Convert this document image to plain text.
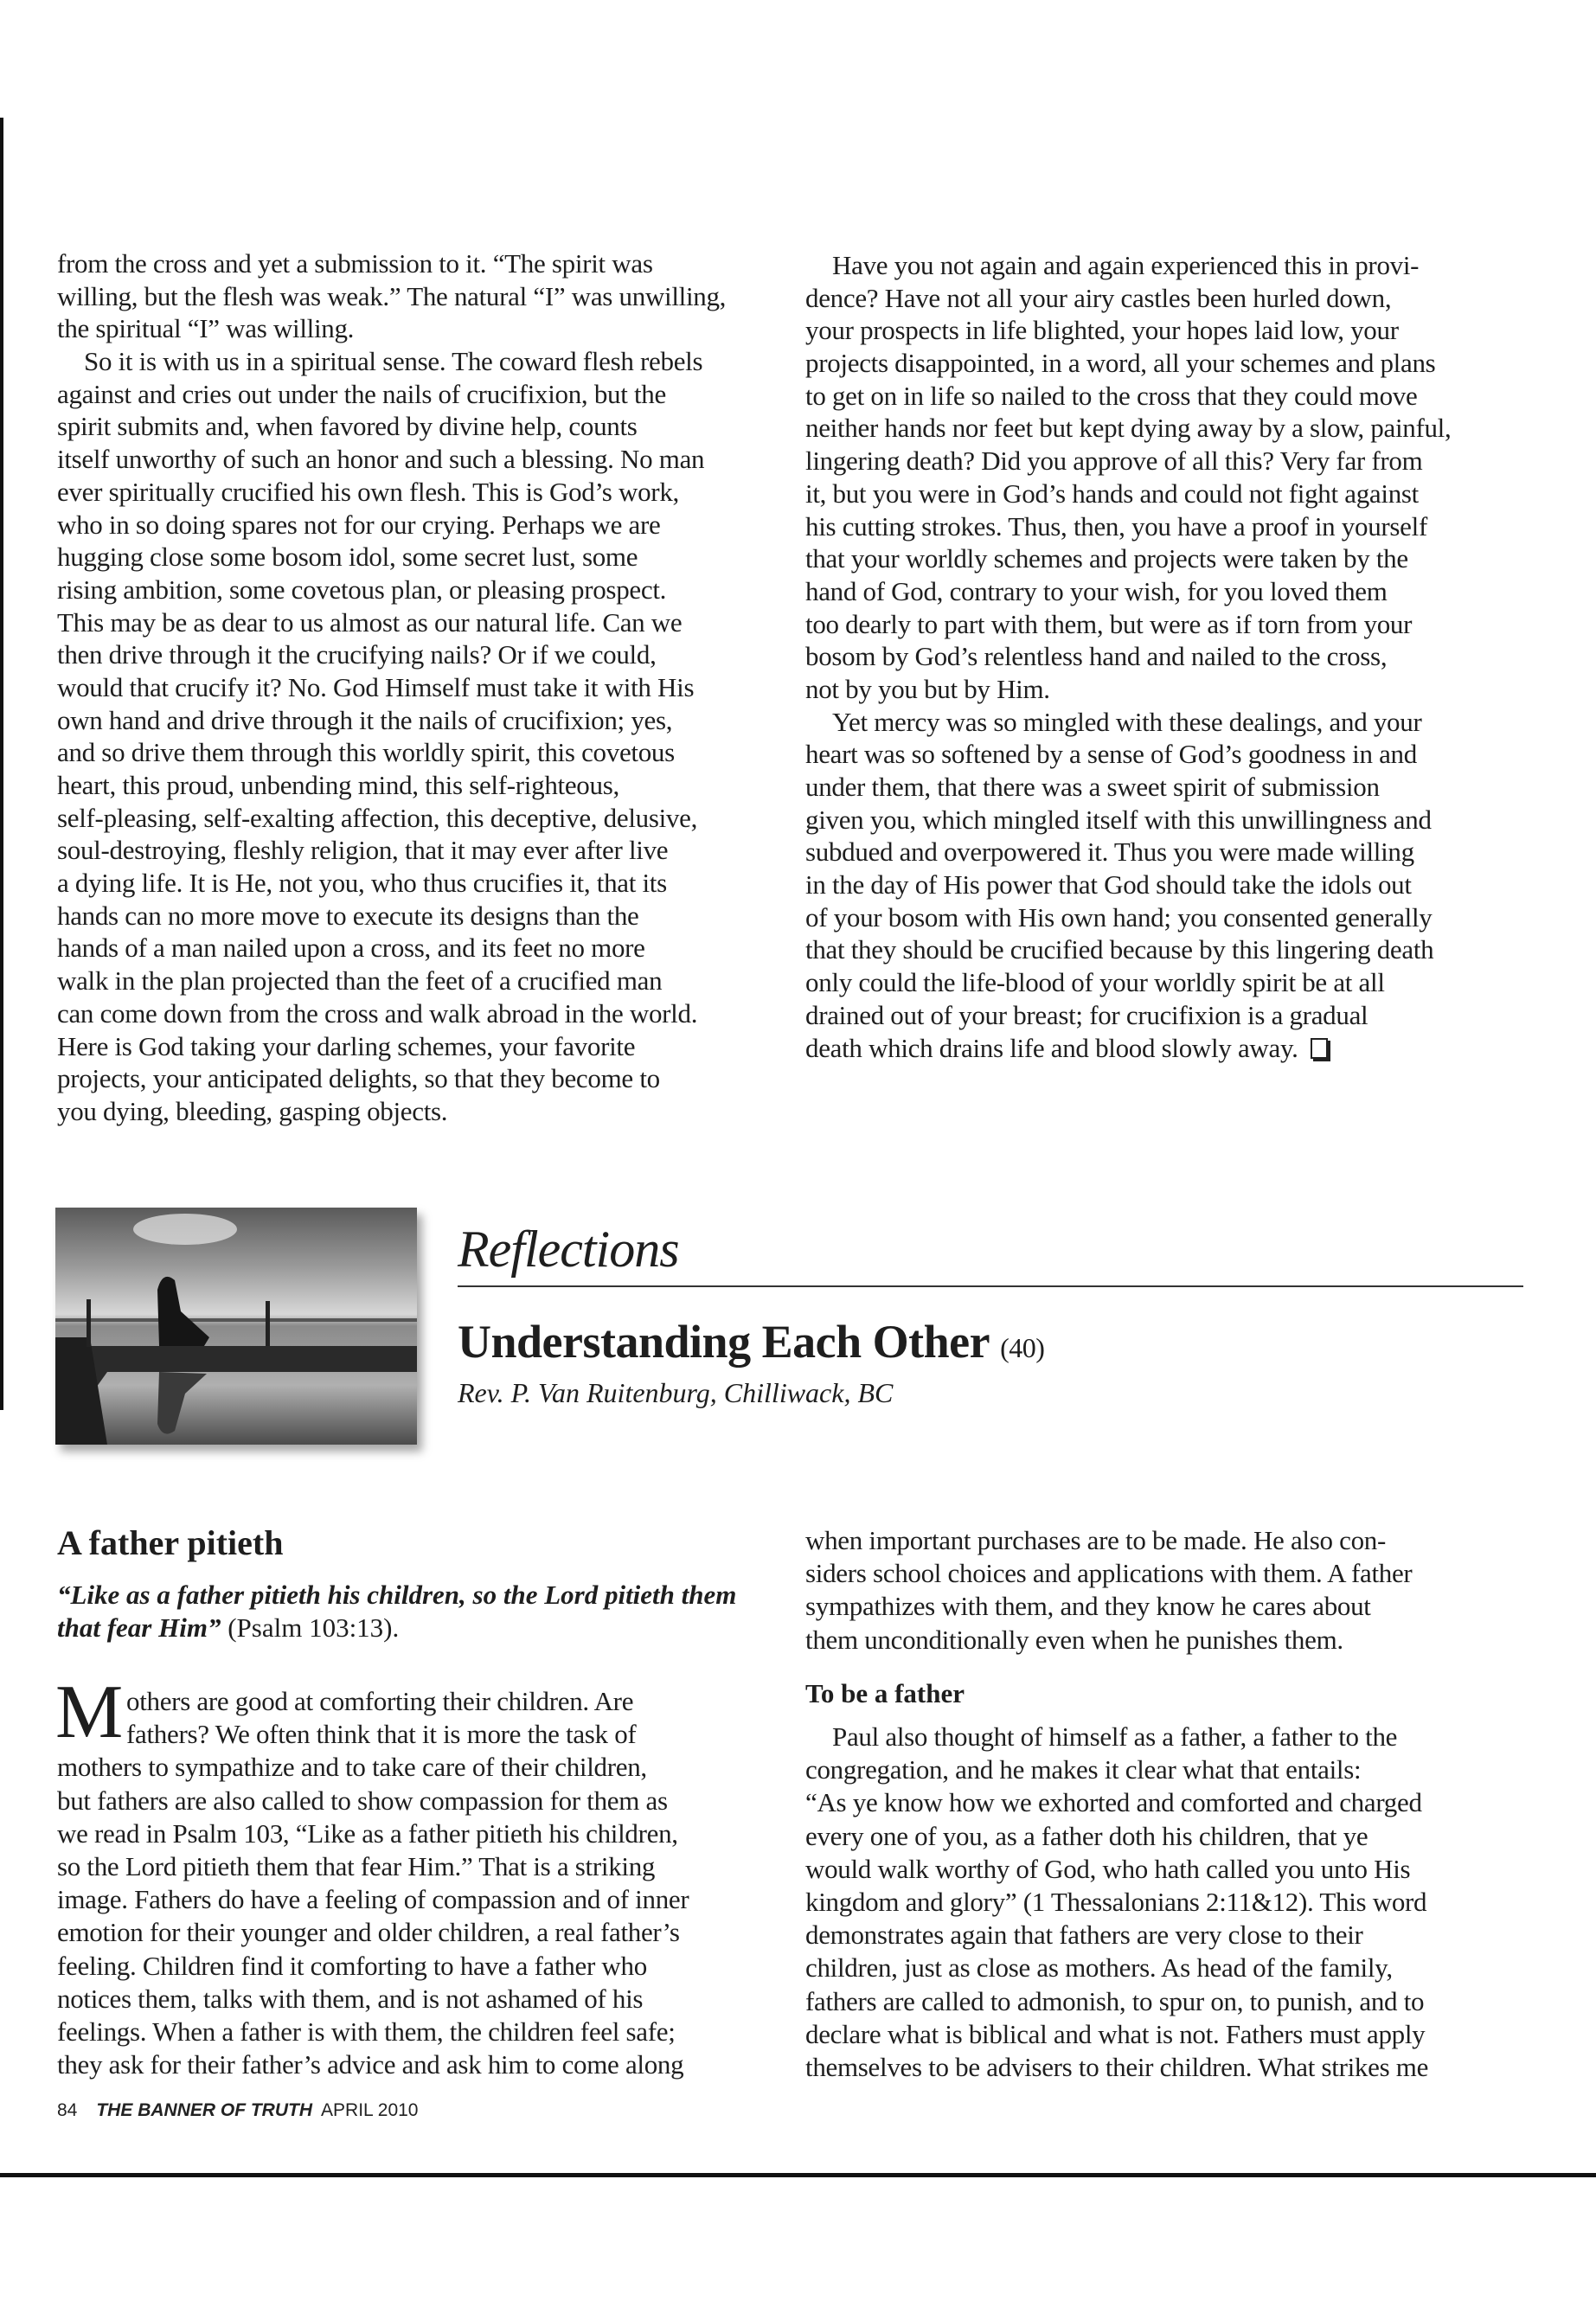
from the cross and yet a submission to it. “The spirit was
willing, but the flesh was weak.” The natural “I” was unwilling,
the spiritual “I” was willing.
So it is with us in a spiritual sense. The coward flesh rebels
against and cries out under the nails of crucifixion, but the
spirit submits and, when favored by divine help, counts
itself unworthy of such an honor and such a blessing. No man
ever spiritually crucified his own flesh. This is God’s work,
who in so doing spares not for our crying. Perhaps we are
hugging close some bosom idol, some secret lust, some
rising ambition, some covetous plan, or pleasing prospect.
This may be as dear to us almost as our natural life. Can we
then drive through it the crucifying nails? Or if we could,
would that crucify it? No. God Himself must take it with His
own hand and drive through it the nails of crucifixion; yes,
and so drive them through this worldly spirit, this covetous
heart, this proud, unbending mind, this self-righteous,
self-pleasing, self-exalting affection, this deceptive, delusive,
soul-destroying, fleshly religion, that it may ever after live
a dying life. It is He, not you, who thus crucifies it, that its
hands can no more move to execute its designs than the
hands of a man nailed upon a cross, and its feet no more
walk in the plan projected than the feet of a crucified man
can come down from the cross and walk abroad in the world.
Here is God taking your darling schemes, your favorite
projects, your anticipated delights, so that they become to
you dying, bleeding, gasping objects.
Have you not again and again experienced this in provi-
dence? Have not all your airy castles been hurled down,
your prospects in life blighted, your hopes laid low, your
projects disappointed, in a word, all your schemes and plans
to get on in life so nailed to the cross that they could move
neither hands nor feet but kept dying away by a slow, painful,
lingering death? Did you approve of all this? Very far from
it, but you were in God’s hands and could not fight against
his cutting strokes. Thus, then, you have a proof in yourself
that your worldly schemes and projects were taken by the
hand of God, contrary to your wish, for you loved them
too dearly to part with them, but were as if torn from your
bosom by God’s relentless hand and nailed to the cross,
not by you but by Him.
Yet mercy was so mingled with these dealings, and your
heart was so softened by a sense of God’s goodness in and
under them, that there was a sweet spirit of submission
given you, which mingled itself with this unwillingness and
subdued and overpowered it. Thus you were made willing
in the day of His power that God should take the idols out
of your bosom with His own hand; you consented generally
that they should be crucified because by this lingering death
only could the life-blood of your worldly spirit be at all
drained out of your breast; for crucifixion is a gradual
death which drains life and blood slowly away.
Reflections
Understanding Each Other (40)
Rev. P. Van Ruitenburg, Chilliwack, BC
A father pitieth
“Like as a father pitieth his children, so the Lord pitieth them that fear Him” (Psalm 103:13).
M others are good at comforting their children. Are
fathers? We often think that it is more the task of
mothers to sympathize and to take care of their children,
but fathers are also called to show compassion for them as
we read in Psalm 103, “Like as a father pitieth his children,
so the Lord pitieth them that fear Him.” That is a striking
image. Fathers do have a feeling of compassion and of inner
emotion for their younger and older children, a real father’s
feeling. Children find it comforting to have a father who
notices them, talks with them, and is not ashamed of his
feelings. When a father is with them, the children feel safe;
they ask for their father’s advice and ask him to come along
when important purchases are to be made. He also con-
siders school choices and applications with them. A father
sympathizes with them, and they know he cares about
them unconditionally even when he punishes them.
To be a father
Paul also thought of himself as a father, a father to the
congregation, and he makes it clear what that entails:
“As ye know how we exhorted and comforted and charged
every one of you, as a father doth his children, that ye
would walk worthy of God, who hath called you unto His
kingdom and glory” (1 Thessalonians 2:11&12). This word
demonstrates again that fathers are very close to their
children, just as close as mothers. As head of the family,
fathers are called to admonish, to spur on, to punish, and to
declare what is biblical and what is not. Fathers must apply
themselves to be advisers to their children. What strikes me
84 THE BANNER OF TRUTH APRIL 2010
